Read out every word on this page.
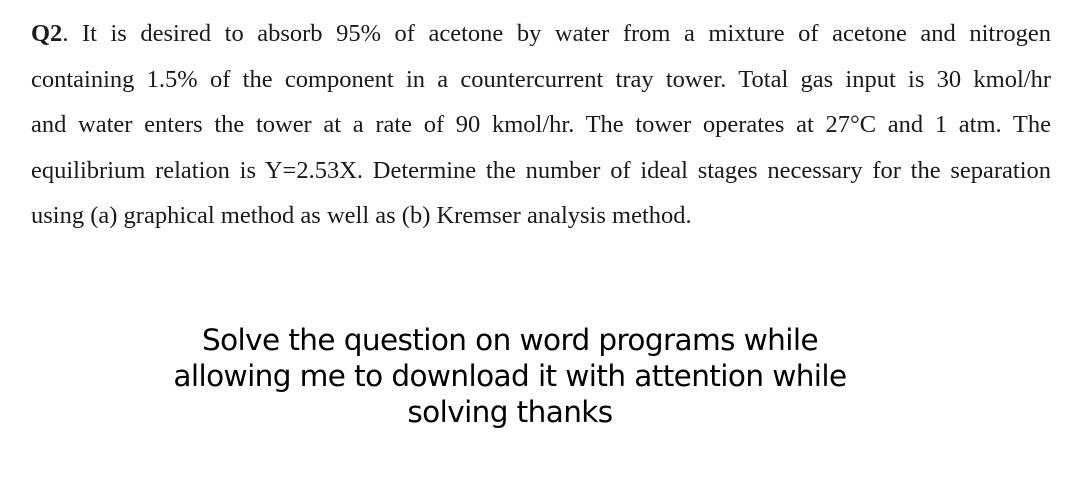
Q2. It is desired to absorb 95% of acetone by water from a mixture of acetone and nitrogen
containing 1.5% of the component in a countercurrent tray tower. Total gas input is 30 kmol/hr
and water enters the tower at a rate of 90 kmol/hr. The tower operates at 27°C and 1 atm. The
equilibrium relation is Y=2.53X. Determine the number of ideal stages necessary for the separation
using (a) graphical method as well as (b) Kremser analysis method.
Solve the question on word programs while
allowing me to download it with attention while
solving thanks
